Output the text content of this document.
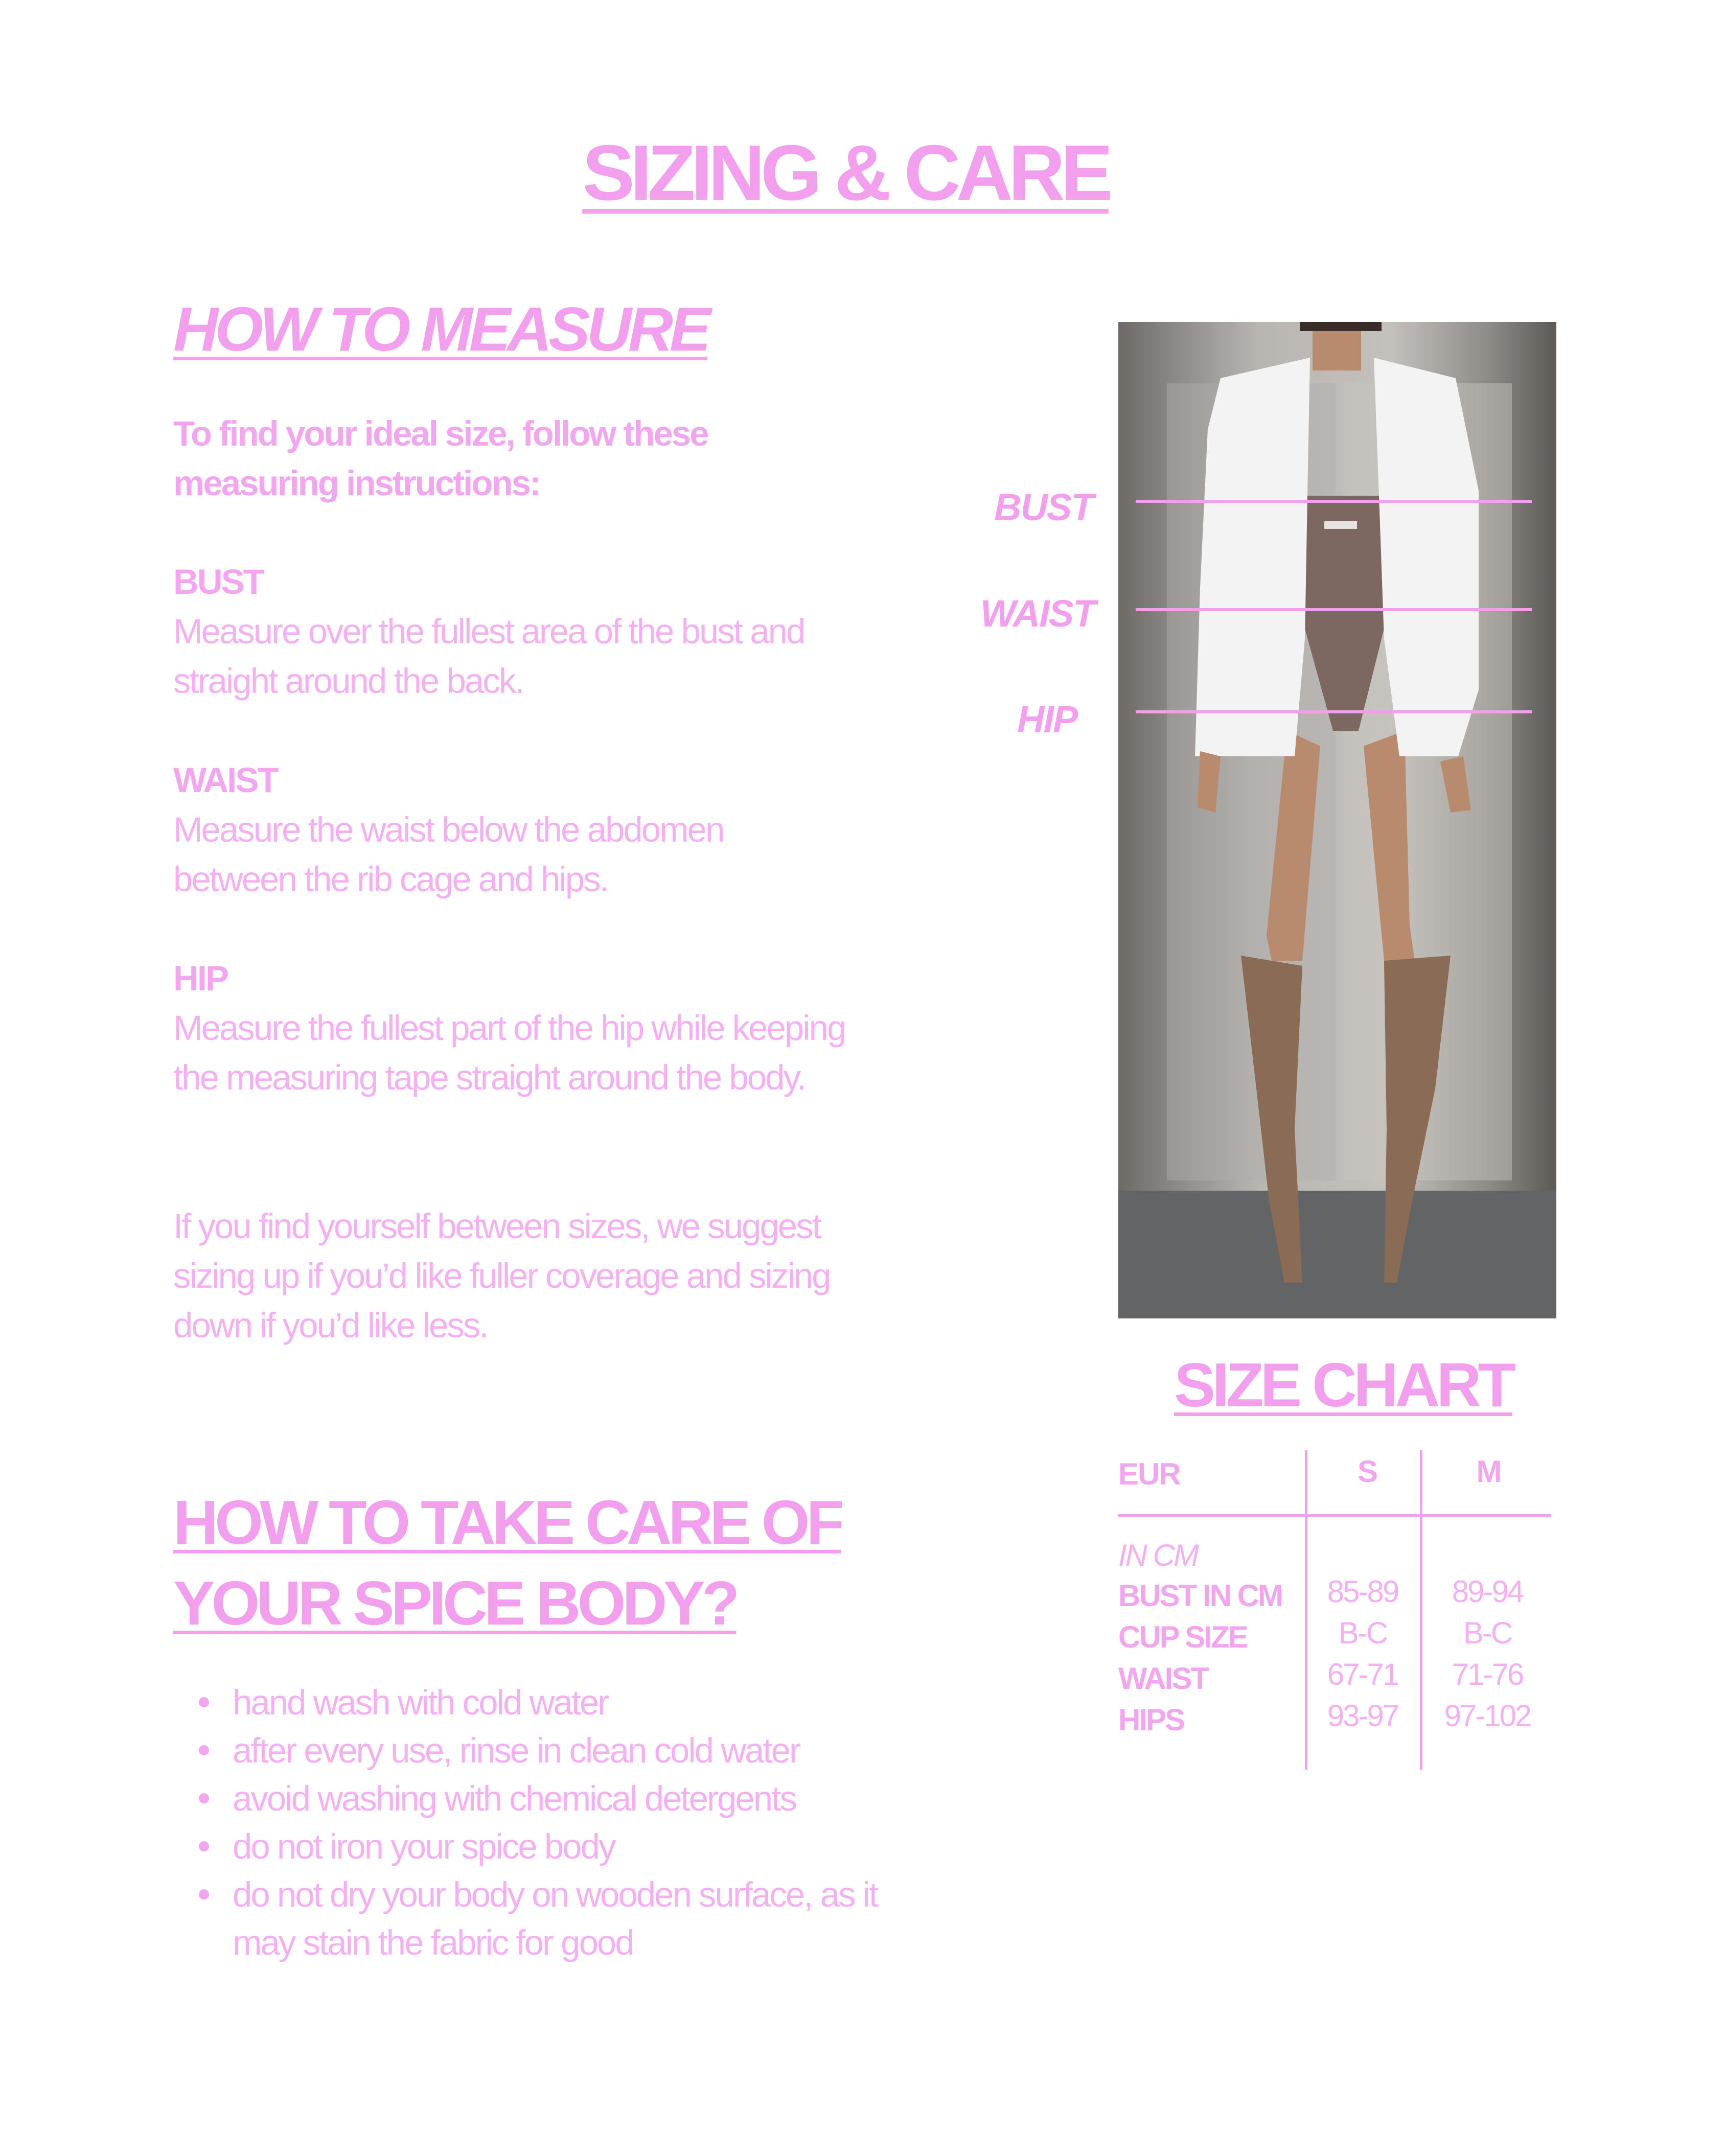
SIZING & CARE
HOW TO MEASURE
To find your ideal size, follow these measuring instructions:
BUST
Measure over the fullest area of the bust and straight around the back.
WAIST
Measure the waist below the abdomen between the rib cage and hips.
HIP
Measure the fullest part of the hip while keeping the measuring tape straight around the body.
If you find yourself between sizes, we suggest sizing up if you’d like fuller coverage and sizing down if you’d like less.
HOW TO TAKE CARE OF
YOUR SPICE BODY?
hand wash with cold water
after every use, rinse in clean cold water
avoid washing with chemical detergents
do not iron your spice body
do not dry your body on wooden surface, as it may stain the fabric for good
BUST
WAIST
HIP
SIZE CHART
EUR	S	M
IN CM
BUST IN CM	85-89	89-94
CUP SIZE	B-C	B-C
WAIST	67-71	71-76
HIPS	93-97	97-102
